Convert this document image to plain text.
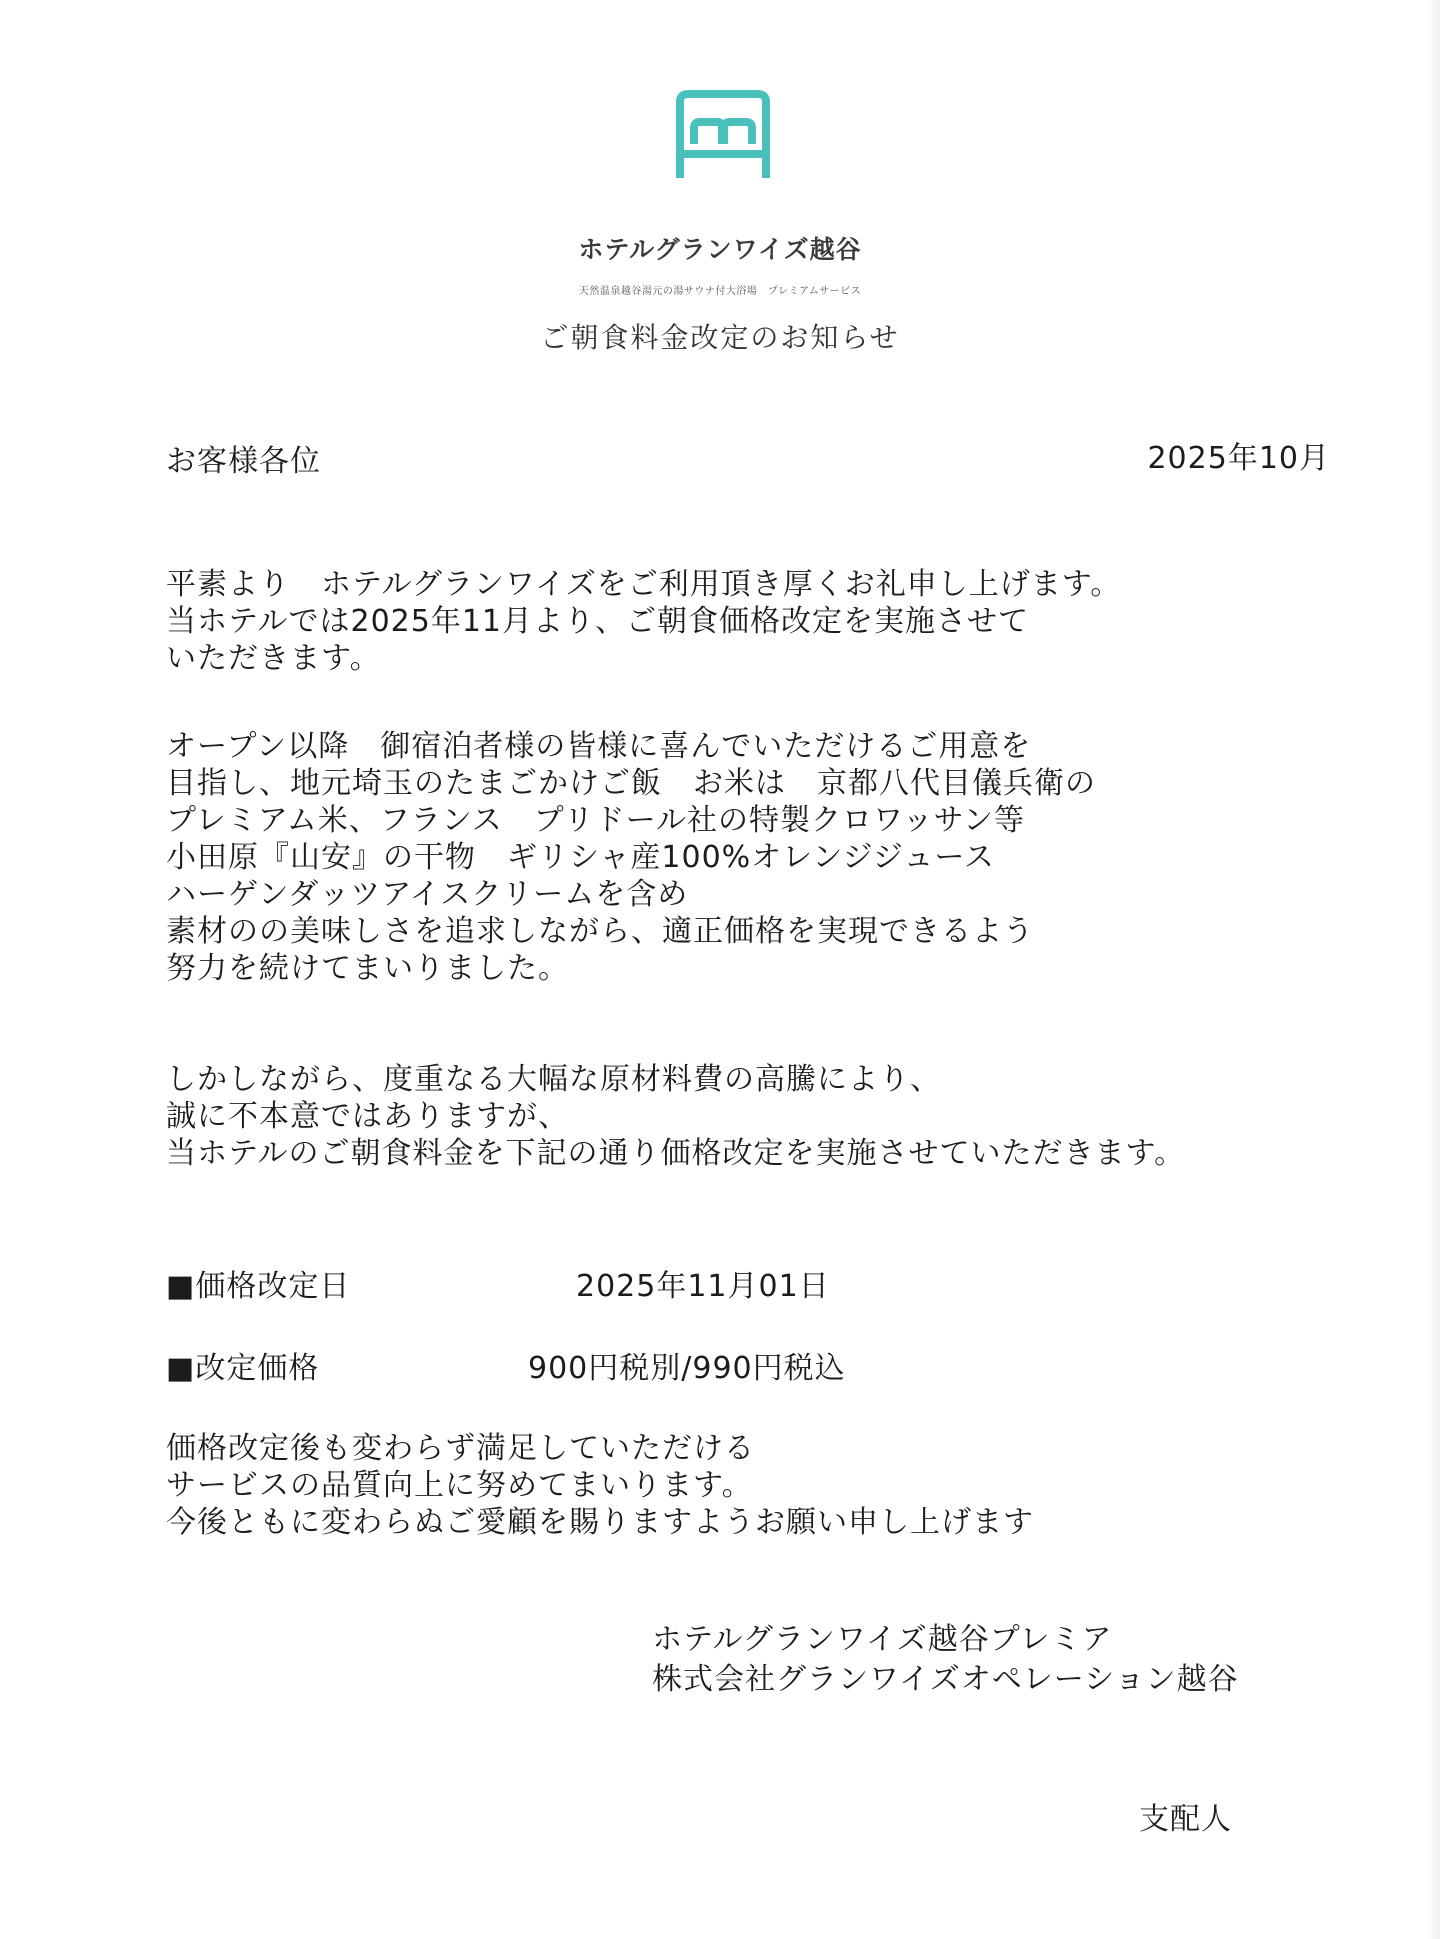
ホテルグランワイズ越谷
天然温泉越谷湯元の湯サウナ付大浴場　プレミアムサービス
ご朝食料金改定のお知らせ
お客様各位	2025年10月
平素より　ホテルグランワイズをご利用頂き厚くお礼申し上げます。
当ホテルでは2025年11月より、ご朝食価格改定を実施させて
いただきます。
オープン以降　御宿泊者様の皆様に喜んでいただけるご用意を
目指し、地元埼玉のたまごかけご飯　お米は　京都八代目儀兵衛の
プレミアム米、フランス　プリドール社の特製クロワッサン等
小田原『山安』の干物　ギリシャ産100%オレンジジュース
ハーゲンダッツアイスクリームを含め
素材のの美味しさを追求しながら、適正価格を実現できるよう
努力を続けてまいりました。
しかしながら、度重なる大幅な原材料費の高騰により、
誠に不本意ではありますが、
当ホテルのご朝食料金を下記の通り価格改定を実施させていただきます。
■価格改定日	2025年11月01日
■改定価格	900円税別/990円税込
価格改定後も変わらず満足していただける
サービスの品質向上に努めてまいります。
今後ともに変わらぬご愛顧を賜りますようお願い申し上げます
ホテルグランワイズ越谷プレミア
株式会社グランワイズオペレーション越谷
支配人
